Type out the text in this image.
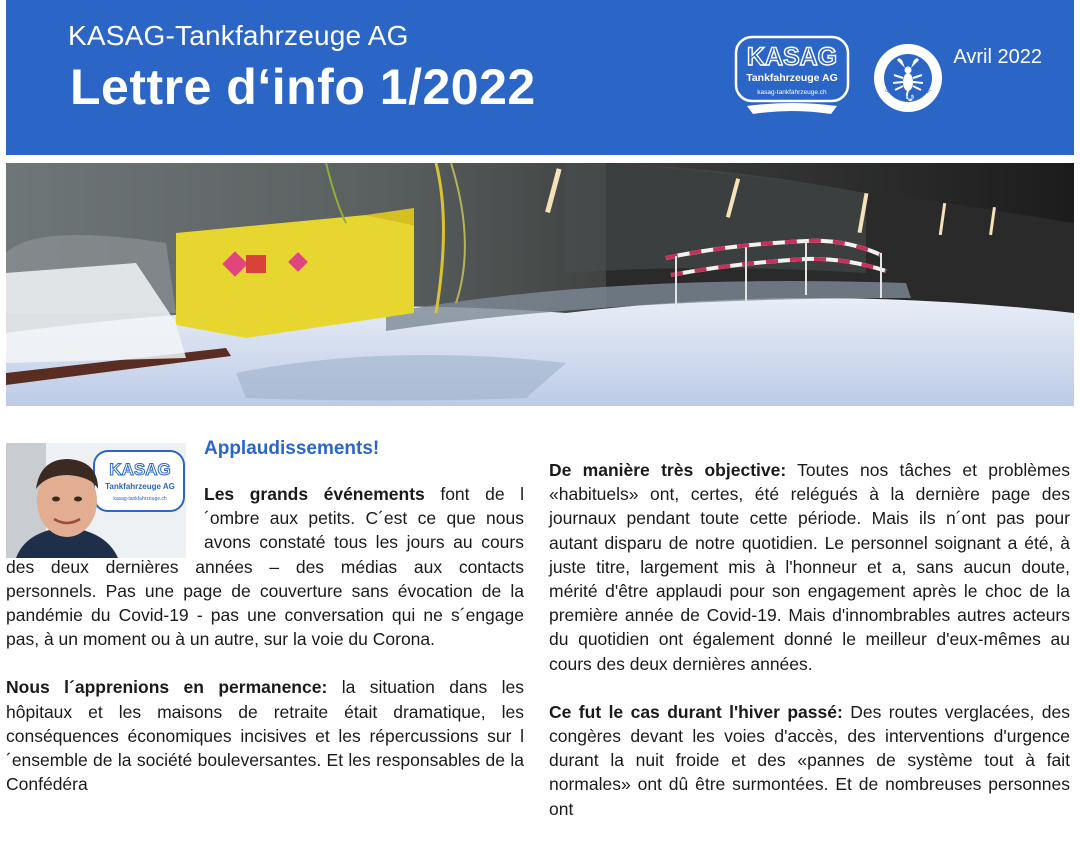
KASAG-Tankfahrzeuge AG
Lettre d‘info 1/2022
KASAG
Tankfahrzeuge AG
kasag-tankfahrzeuge.ch	SKORPION - TANK
Avril 2022
KASAG
Tankfahrzeuge AG
kasag-tankfahrzeuge.ch
Applaudissements!

Les grands événements font de l´ombre aux petits. C´est ce que nous avons constaté tous les jours au cours des deux dernières années – des médias aux contacts personnels. Pas une page de couverture sans évocation de la pandémie du Covid-19 - pas une conversation qui ne s´engage pas, à un moment ou à un autre, sur la voie du Corona.

Nous l´apprenions en permanence: la situation dans les hôpitaux et les maisons de retraite était dramatique, les conséquences économiques incisives et les répercussions sur l´ensemble de la société bouleversantes. Et les responsables de la Confédéra

De manière très objective: Toutes nos tâches et problèmes «habituels» ont, certes, été relégués à la dernière page des journaux pendant toute cette période. Mais ils n´ont pas pour autant disparu de notre quotidien. Le personnel soignant a été, à juste titre, largement mis à l'honneur et a, sans aucun doute, mérité d'être applaudi pour son engagement après le choc de la première année de Covid-19. Mais d'innombrables autres acteurs du quotidien ont également donné le meilleur d'eux-mêmes au cours des deux dernières années.

Ce fut le cas durant l'hiver passé: Des routes verglacées, des congères devant les voies d'accès, des interventions d'urgence durant la nuit froide et des «pannes de système tout à fait normales» ont dû être surmontées. Et de nombreuses personnes ont
